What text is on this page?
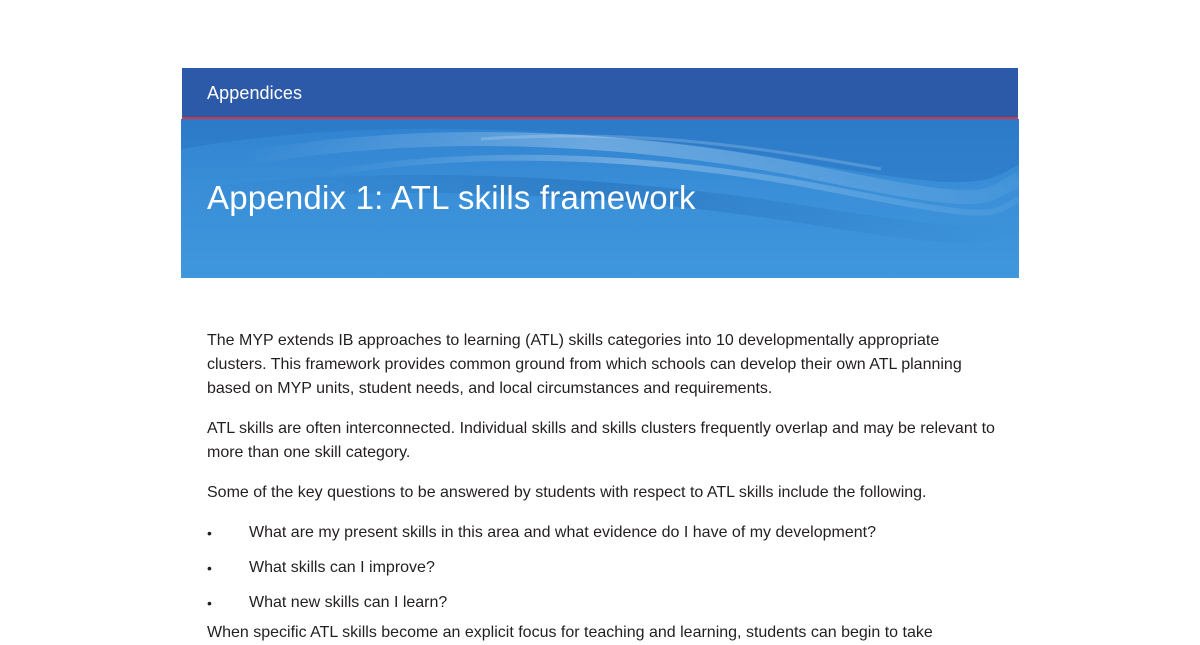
Appendices
Appendix 1: ATL skills framework

The MYP extends IB approaches to learning (ATL) skills categories into 10 developmentally appropriate clusters. This framework provides common ground from which schools can develop their own ATL planning based on MYP units, student needs, and local circumstances and requirements.

ATL skills are often interconnected. Individual skills and skills clusters frequently overlap and may be relevant to more than one skill category.

Some of the key questions to be answered by students with respect to ATL skills include the following.

• What are my present skills in this area and what evidence do I have of my development?
• What skills can I improve?
• What new skills can I learn?
When specific ATL skills become an explicit focus for teaching and learning, students can begin to take
